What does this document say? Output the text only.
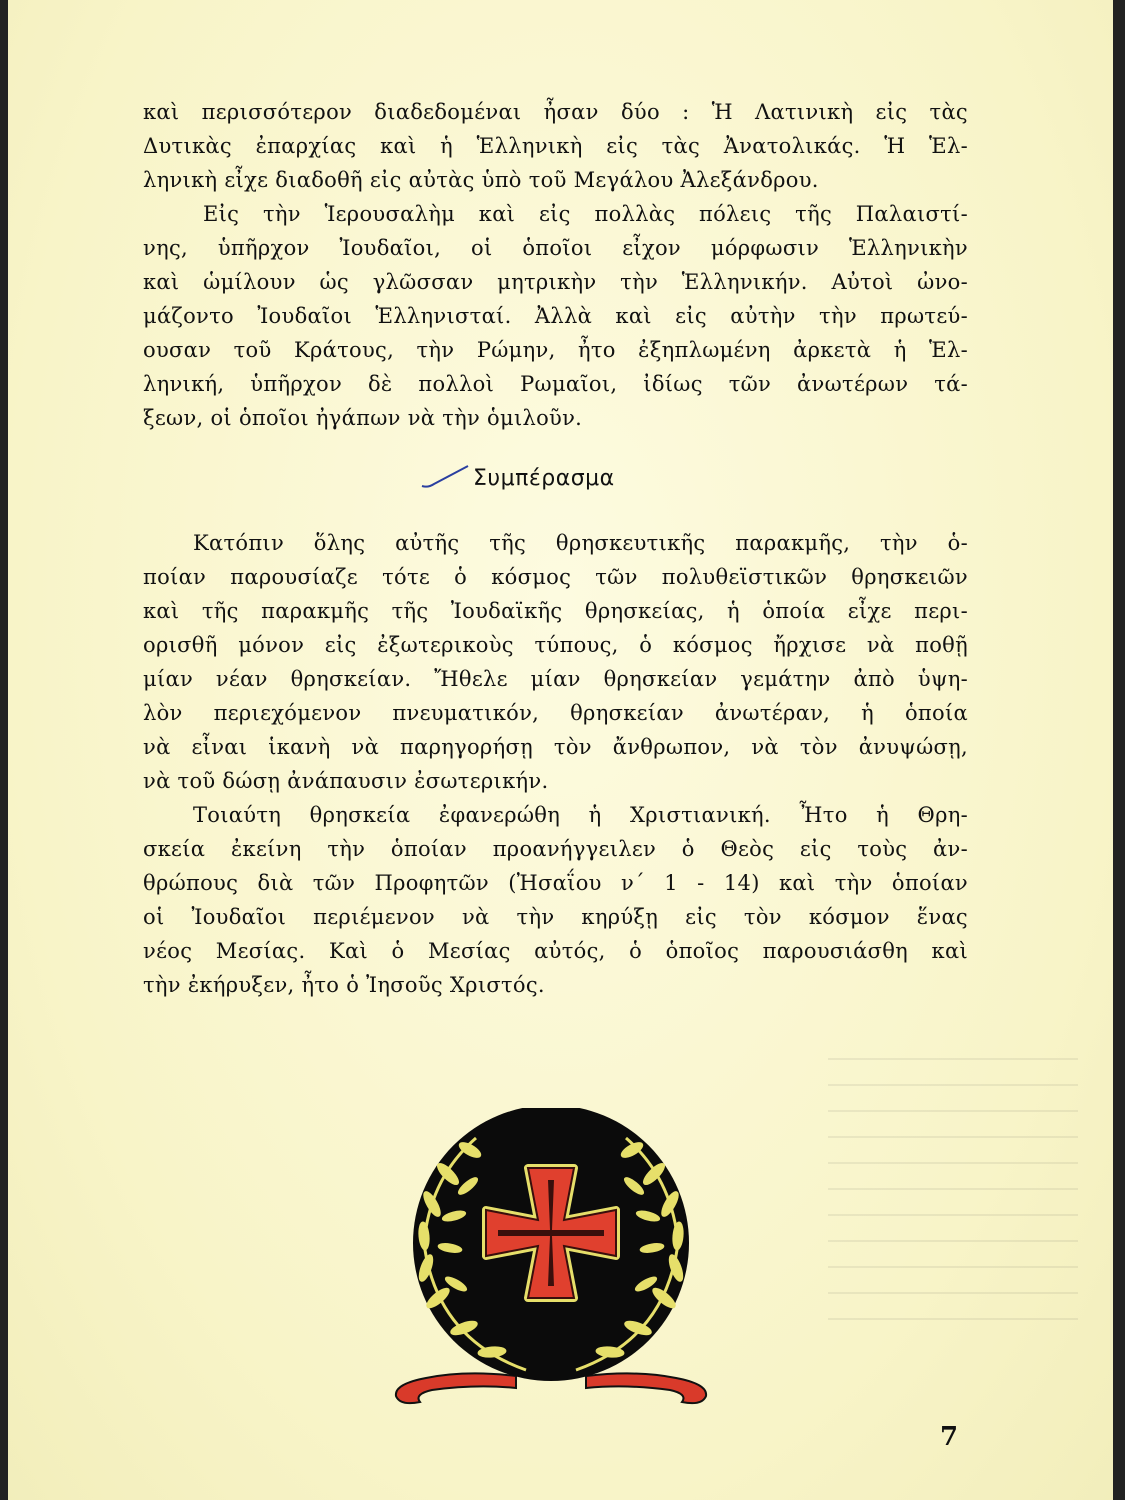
καὶ περισσότερον διαδεδομέναι ἦσαν δύο : Ἡ Λατινικὴ εἰς τὰς
Δυτικὰς ἐπαρχίας καὶ ἡ Ἑλληνικὴ εἰς τὰς Ἀνατολικάς. Ἡ Ἑλ-
ληνικὴ εἶχε διαδοθῆ εἰς αὐτὰς ὑπὸ τοῦ Μεγάλου Ἀλεξάνδρου.
Εἰς τὴν Ἱερουσαλὴμ καὶ εἰς πολλὰς πόλεις τῆς Παλαιστί-
νης, ὑπῆρχον Ἰουδαῖοι, οἱ ὁποῖοι εἶχον μόρφωσιν Ἑλληνικὴν
καὶ ὡμίλουν ὡς γλῶσσαν μητρικὴν τὴν Ἑλληνικήν. Αὐτοὶ ὠνο-
μάζοντο Ἰουδαῖοι Ἑλληνισταί. Ἀλλὰ καὶ εἰς αὐτὴν τὴν πρωτεύ-
ουσαν τοῦ Κράτους, τὴν Ρώμην, ἦτο ἐξηπλωμένη ἀρκετὰ ἡ Ἑλ-
ληνική, ὑπῆρχον δὲ πολλοὶ Ρωμαῖοι, ἰδίως τῶν ἀνωτέρων τά-
ξεων, οἱ ὁποῖοι ἠγάπων νὰ τὴν ὁμιλοῦν.
Συμπέρασμα
Κατόπιν ὅλης αὐτῆς τῆς θρησκευτικῆς παρακμῆς, τὴν ὁ-
ποίαν παρουσίαζε τότε ὁ κόσμος τῶν πολυθεϊστικῶν θρησκειῶν
καὶ τῆς παρακμῆς τῆς Ἰουδαϊκῆς θρησκείας, ἡ ὁποία εἶχε περι-
ορισθῆ μόνον εἰς ἐξωτερικοὺς τύπους, ὁ κόσμος ἤρχισε νὰ ποθῇ
μίαν νέαν θρησκείαν. Ἤθελε μίαν θρησκείαν γεμάτην ἀπὸ ὑψη-
λὸν περιεχόμενον πνευματικόν, θρησκείαν ἀνωτέραν, ἡ ὁποία
νὰ εἶναι ἱκανὴ νὰ παρηγορήσῃ τὸν ἄνθρωπον, νὰ τὸν ἀνυψώσῃ,
νὰ τοῦ δώσῃ ἀνάπαυσιν ἐσωτερικήν.
Τοιαύτη θρησκεία ἐφανερώθη ἡ Χριστιανική. Ἦτο ἡ Θρη-
σκεία ἐκείνη τὴν ὁποίαν προανήγγειλεν ὁ Θεὸς εἰς τοὺς ἀν-
θρώπους διὰ τῶν Προφητῶν (Ἠσαΐου ν΄ 1 - 14) καὶ τὴν ὁποίαν
οἱ Ἰουδαῖοι περιέμενον νὰ τὴν κηρύξῃ εἰς τὸν κόσμον ἕνας
νέος Μεσίας. Καὶ ὁ Μεσίας αὐτός, ὁ ὁποῖος παρουσιάσθη καὶ
τὴν ἐκήρυξεν, ἦτο ὁ Ἰησοῦς Χριστός.
7
